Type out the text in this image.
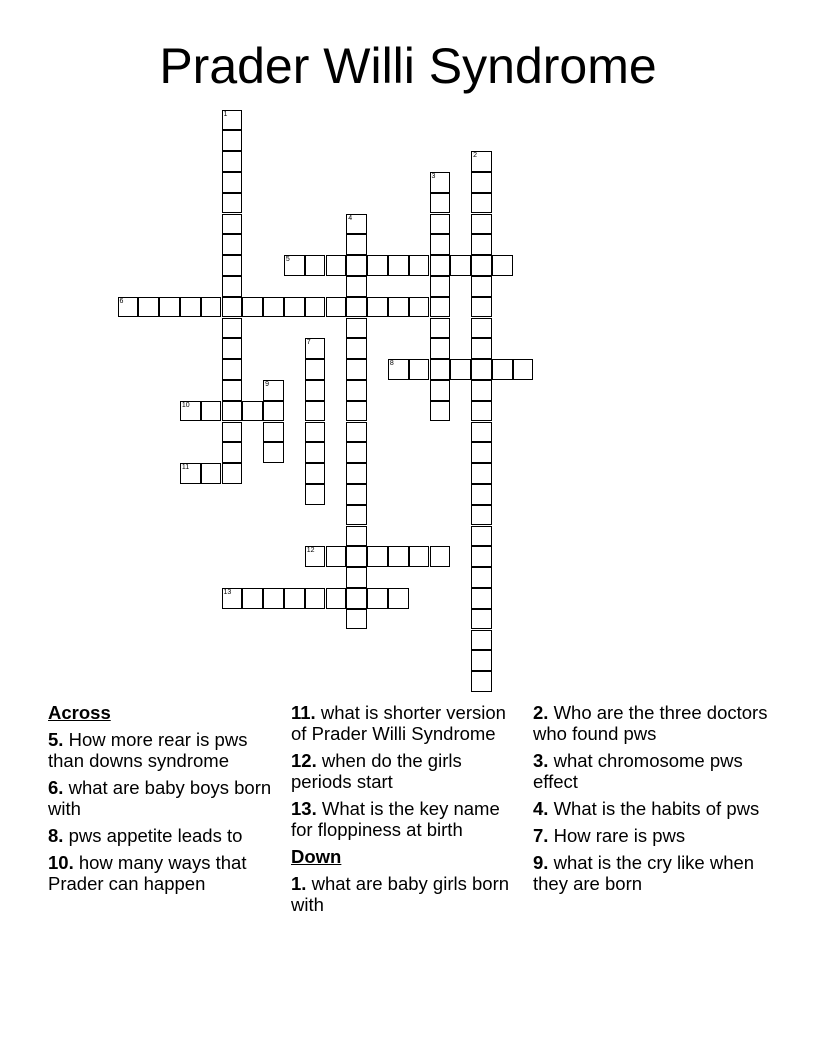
Prader Willi Syndrome
1
2
3
4
5
6
7
8
9
10
11
12
13
Across
5. How more rear is pws than downs syndrome
6. what are baby boys born with
8. pws appetite leads to
10. how many ways that Prader can happen
11. what is shorter version of Prader Willi Syndrome
12. when do the girls periods start
13. What is the key name for floppiness at birth
Down
1. what are baby girls born with
2. Who are the three doctors who found pws
3. what chromosome pws effect
4. What is the habits of pws
7. How rare is pws
9. what is the cry like when they are born
